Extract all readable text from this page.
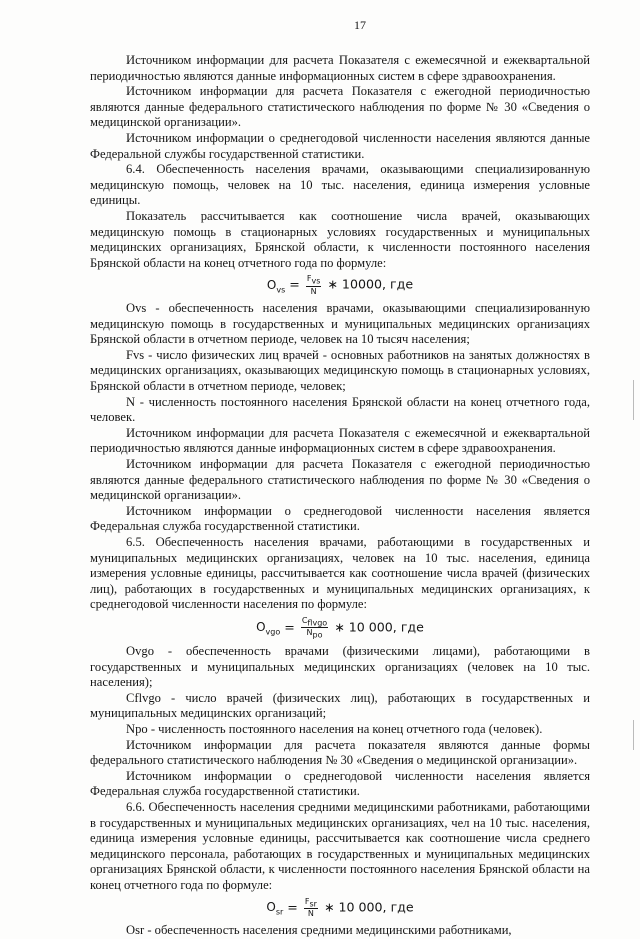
17

Источником информации для расчета Показателя с ежемесячной и ежеквартальной периодичностью являются данные информационных систем в сфере здравоохранения.

Источником информации для расчета Показателя с ежегодной периодичностью являются данные федерального статистического наблюдения по форме № 30 «Сведения о медицинской организации».

Источником информации о среднегодовой численности населения являются данные Федеральной службы государственной статистики.

6.4. Обеспеченность населения врачами, оказывающими специализированную медицинскую помощь, человек на 10 тыс. населения, единица измерения условные единицы.

Показатель рассчитывается как соотношение числа врачей, оказывающих медицинскую помощь в стационарных условиях государственных и муниципальных медицинских организациях, Брянской области, к численности постоянного населения Брянской области на конец отчетного года по формуле:

$O_{vs} = \frac{F_{vs}}{N}$ ∗ 10000, где

Ovs - обеспеченность населения врачами, оказывающими специализированную медицинскую помощь в государственных и муниципальных медицинских организациях Брянской области в отчетном периоде, человек на 10 тысяч населения;

Fvs - число физических лиц врачей - основных работников на занятых должностях в медицинских организациях, оказывающих медицинскую помощь в стационарных условиях, Брянской области в отчетном периоде, человек;

N - численность постоянного населения Брянской области на конец отчетного года, человек.

Источником информации для расчета Показателя с ежемесячной и ежеквартальной периодичностью являются данные информационных систем в сфере здравоохранения.

Источником информации для расчета Показателя с ежегодной периодичностью являются данные федерального статистического наблюдения по форме № 30 «Сведения о медицинской организации».

Источником информации о среднегодовой численности населения является Федеральная служба государственной статистики.

6.5. Обеспеченность населения врачами, работающими в государственных и муниципальных медицинских организациях, человек на 10 тыс. населения, единица измерения условные единицы, рассчитывается как соотношение числа врачей (физических лиц), работающих в государственных и муниципальных медицинских организациях, к среднегодовой численности населения по формуле:

$O_{vgo} = \frac{C_{flvgo}}{N_{po}}$ ∗ 10 000, где

Ovgo - обеспеченность врачами (физическими лицами), работающими в государственных и муниципальных медицинских организациях (человек на 10 тыс. населения);

Cflvgo - число врачей (физических лиц), работающих в государственных и муниципальных медицинских организаций;

Npo - численность постоянного населения на конец отчетного года (человек).

Источником информации для расчета показателя являются данные формы федерального статистического наблюдения № 30 «Сведения о медицинской организации».

Источником информации о среднегодовой численности населения является Федеральная служба государственной статистики.

6.6. Обеспеченность населения средними медицинскими работниками, работающими в государственных и муниципальных медицинских организациях, чел на 10 тыс. населения, единица измерения условные единицы, рассчитывается как соотношение числа среднего медицинского персонала, работающих в государственных и муниципальных медицинских организациях Брянской области, к численности постоянного населения Брянской области на конец отчетного года по формуле:

$O_{sr} = \frac{F_{sr}}{N}$ ∗ 10 000, где

Osr - обеспеченность населения средними медицинскими работниками,
